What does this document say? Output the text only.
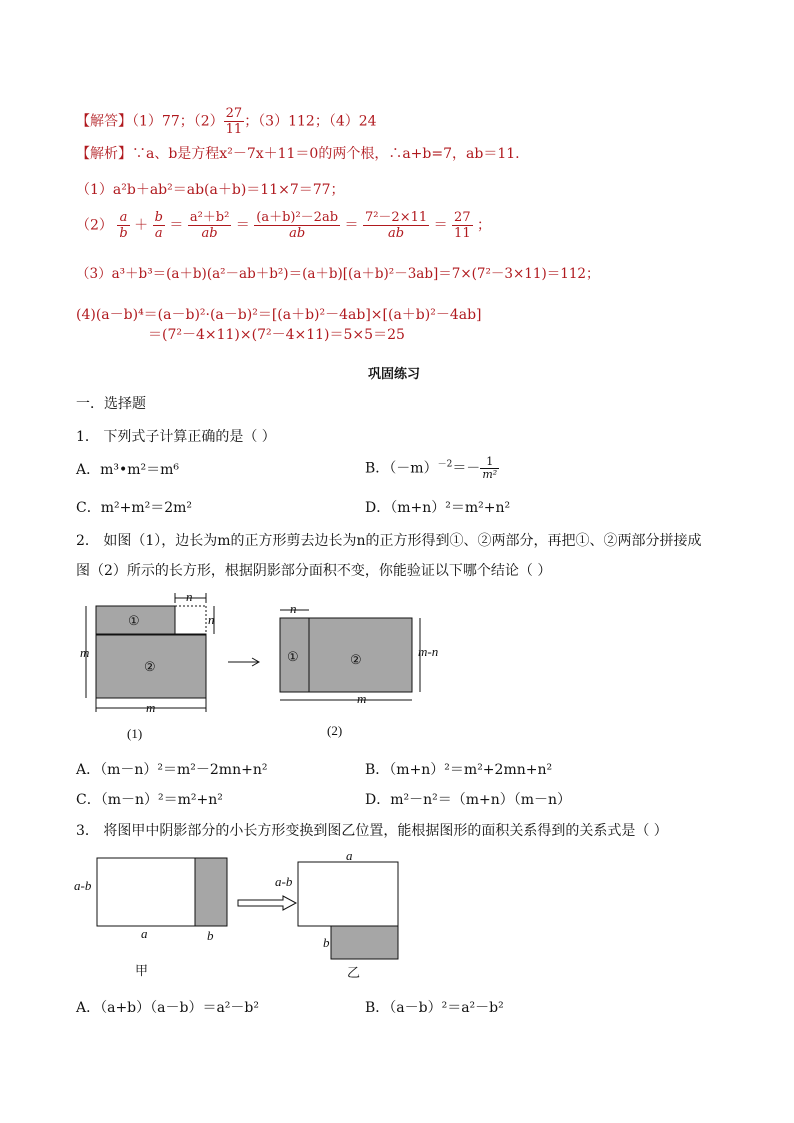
【解答】（1）77；$(2) \frac{27}{11}$ ；（3）112；（4）24
【解析】∵a、b是方程x²－7x＋11＝0的两个根，∴a+b=7，ab＝11.
（1）a²b＋ab²＝ab(a＋b)＝11×7＝77；
$(2) \frac{a}{b} + \frac{b}{a} = \frac{\text{a²＋b²}}{ab} = \frac{\text{(a＋b)²－2ab}}{ab} = \frac{\text{7²－2×11}}{ab} = \frac{27}{11}$ ；
（3）a³＋b³＝(a＋b)(a²－ab＋b²)＝(a＋b)[(a＋b)²－3ab]＝7×(7²－3×11)＝112；
(4)(a－b)⁴＝(a－b)²·(a－b)²＝[(a＋b)²－4ab]×[(a＋b)²－4ab]
＝(7²－4×11)×(7²－4×11)＝5×5＝25
巩固练习
一．选择题
1． 下列式子计算正确的是（ ）
A．m³•m²＝m⁶	B．$(-m)^{-2}=- \frac{1}{\text{m²}}$
C．m²+m²＝2m²	D．（m+n）²＝m²+n²
2． 如图（1），边长为m的正方形剪去边长为n的正方形得到①、②两部分，再把①、②两部分拼接成
图（2）所示的长方形，根据阴影部分面积不变，你能验证以下哪个结论（ ）
n
n
m
m
①
②
(1)
n
m-n
m
①	②
(2)
A．（m－n）²＝m²－2mn+n²	B．（m+n）²＝m²+2mn+n²
C．（m－n）²＝m²+n²	D．m²－n²＝（m+n）（m－n）
3． 将图甲中阴影部分的小长方形变换到图乙位置，能根据图形的面积关系得到的关系式是（ ）
a-b
a	b
甲
a
a-b
b
乙
A．（a+b）（a－b）＝a²－b²	B．（a－b）²＝a²－b²
